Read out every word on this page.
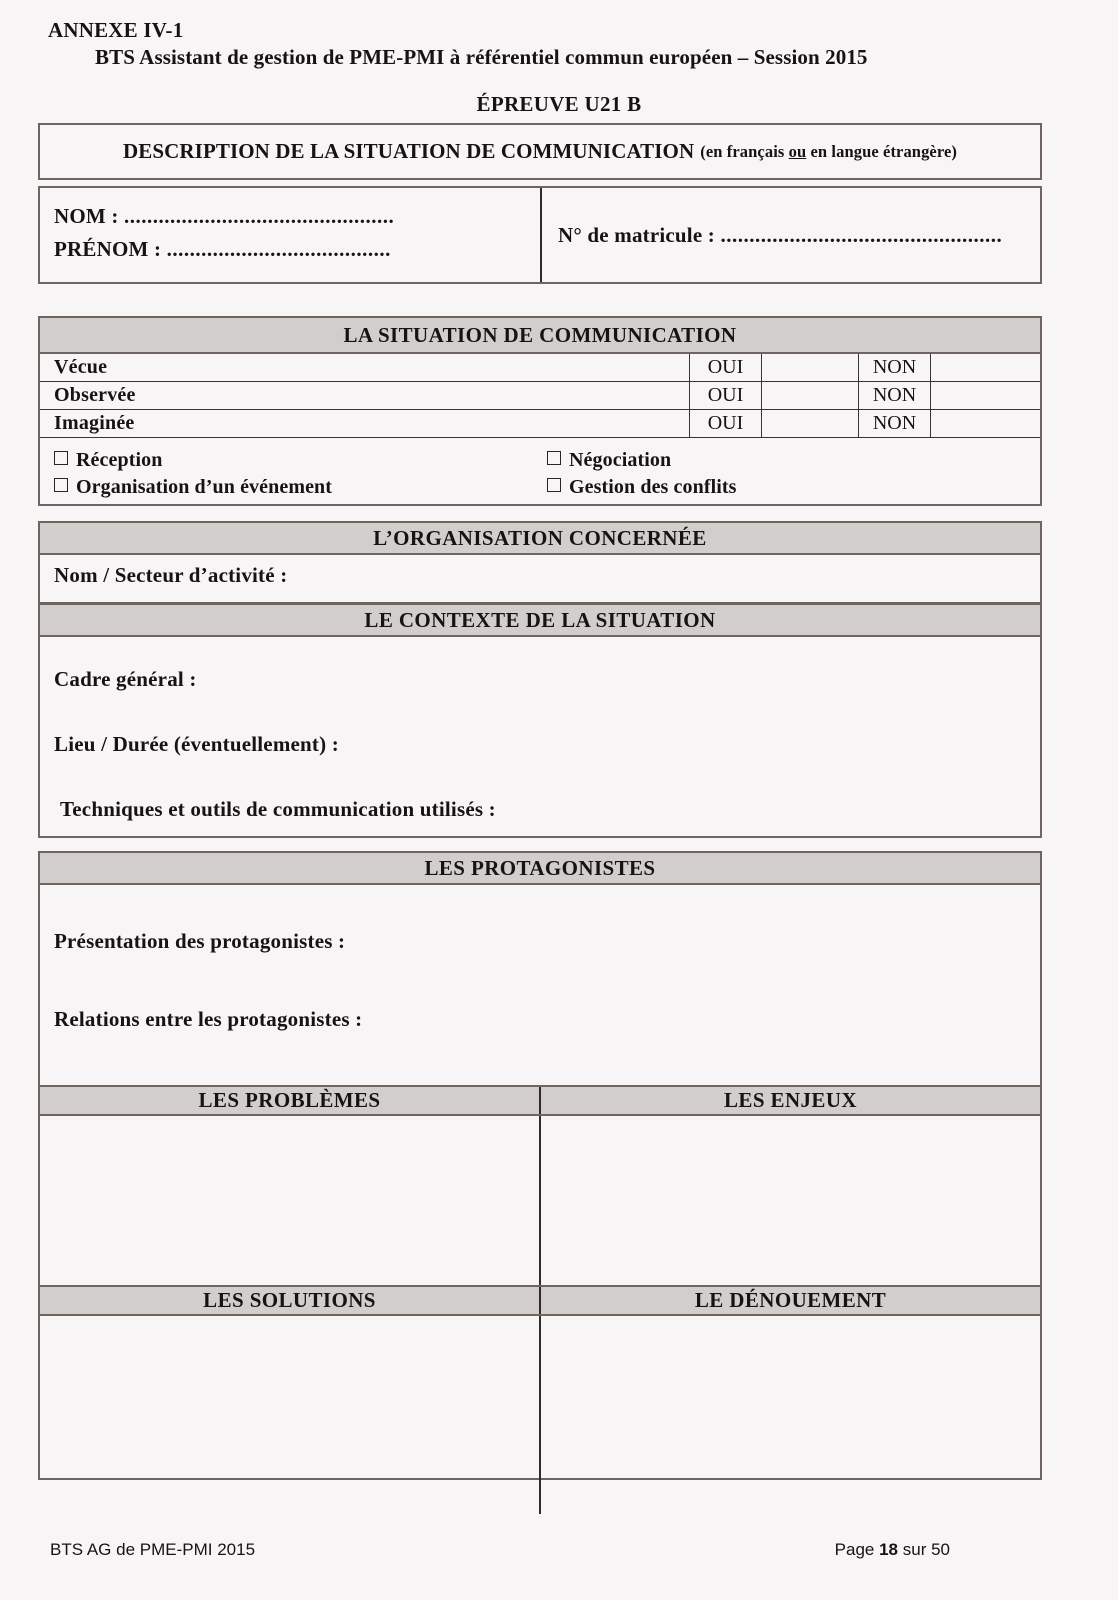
ANNEXE IV-1
BTS Assistant de gestion de PME-PMI à référentiel commun européen – Session 2015
ÉPREUVE U21 B
DESCRIPTION DE LA SITUATION DE COMMUNICATION (en français ou en langue étrangère)
NOM : ...............................................
PRÉNOM : .......................................
N° de matricule : .................................................
LA SITUATION DE COMMUNICATION
Vécue	OUI	NON
Observée	OUI	NON
Imaginée	OUI	NON
Réception
Organisation d’un événement
Négociation
Gestion des conflits
L’ORGANISATION CONCERNÉE
Nom / Secteur d’activité :
LE CONTEXTE DE LA SITUATION
Cadre général :
Lieu / Durée (éventuellement) :
Techniques et outils de communication utilisés :
LES PROTAGONISTES
Présentation des protagonistes :
Relations entre les protagonistes :
LES PROBLÈMES	LES ENJEUX
LES SOLUTIONS	LE DÉNOUEMENT
BTS AG de PME-PMI 2015	Page 18 sur 50
